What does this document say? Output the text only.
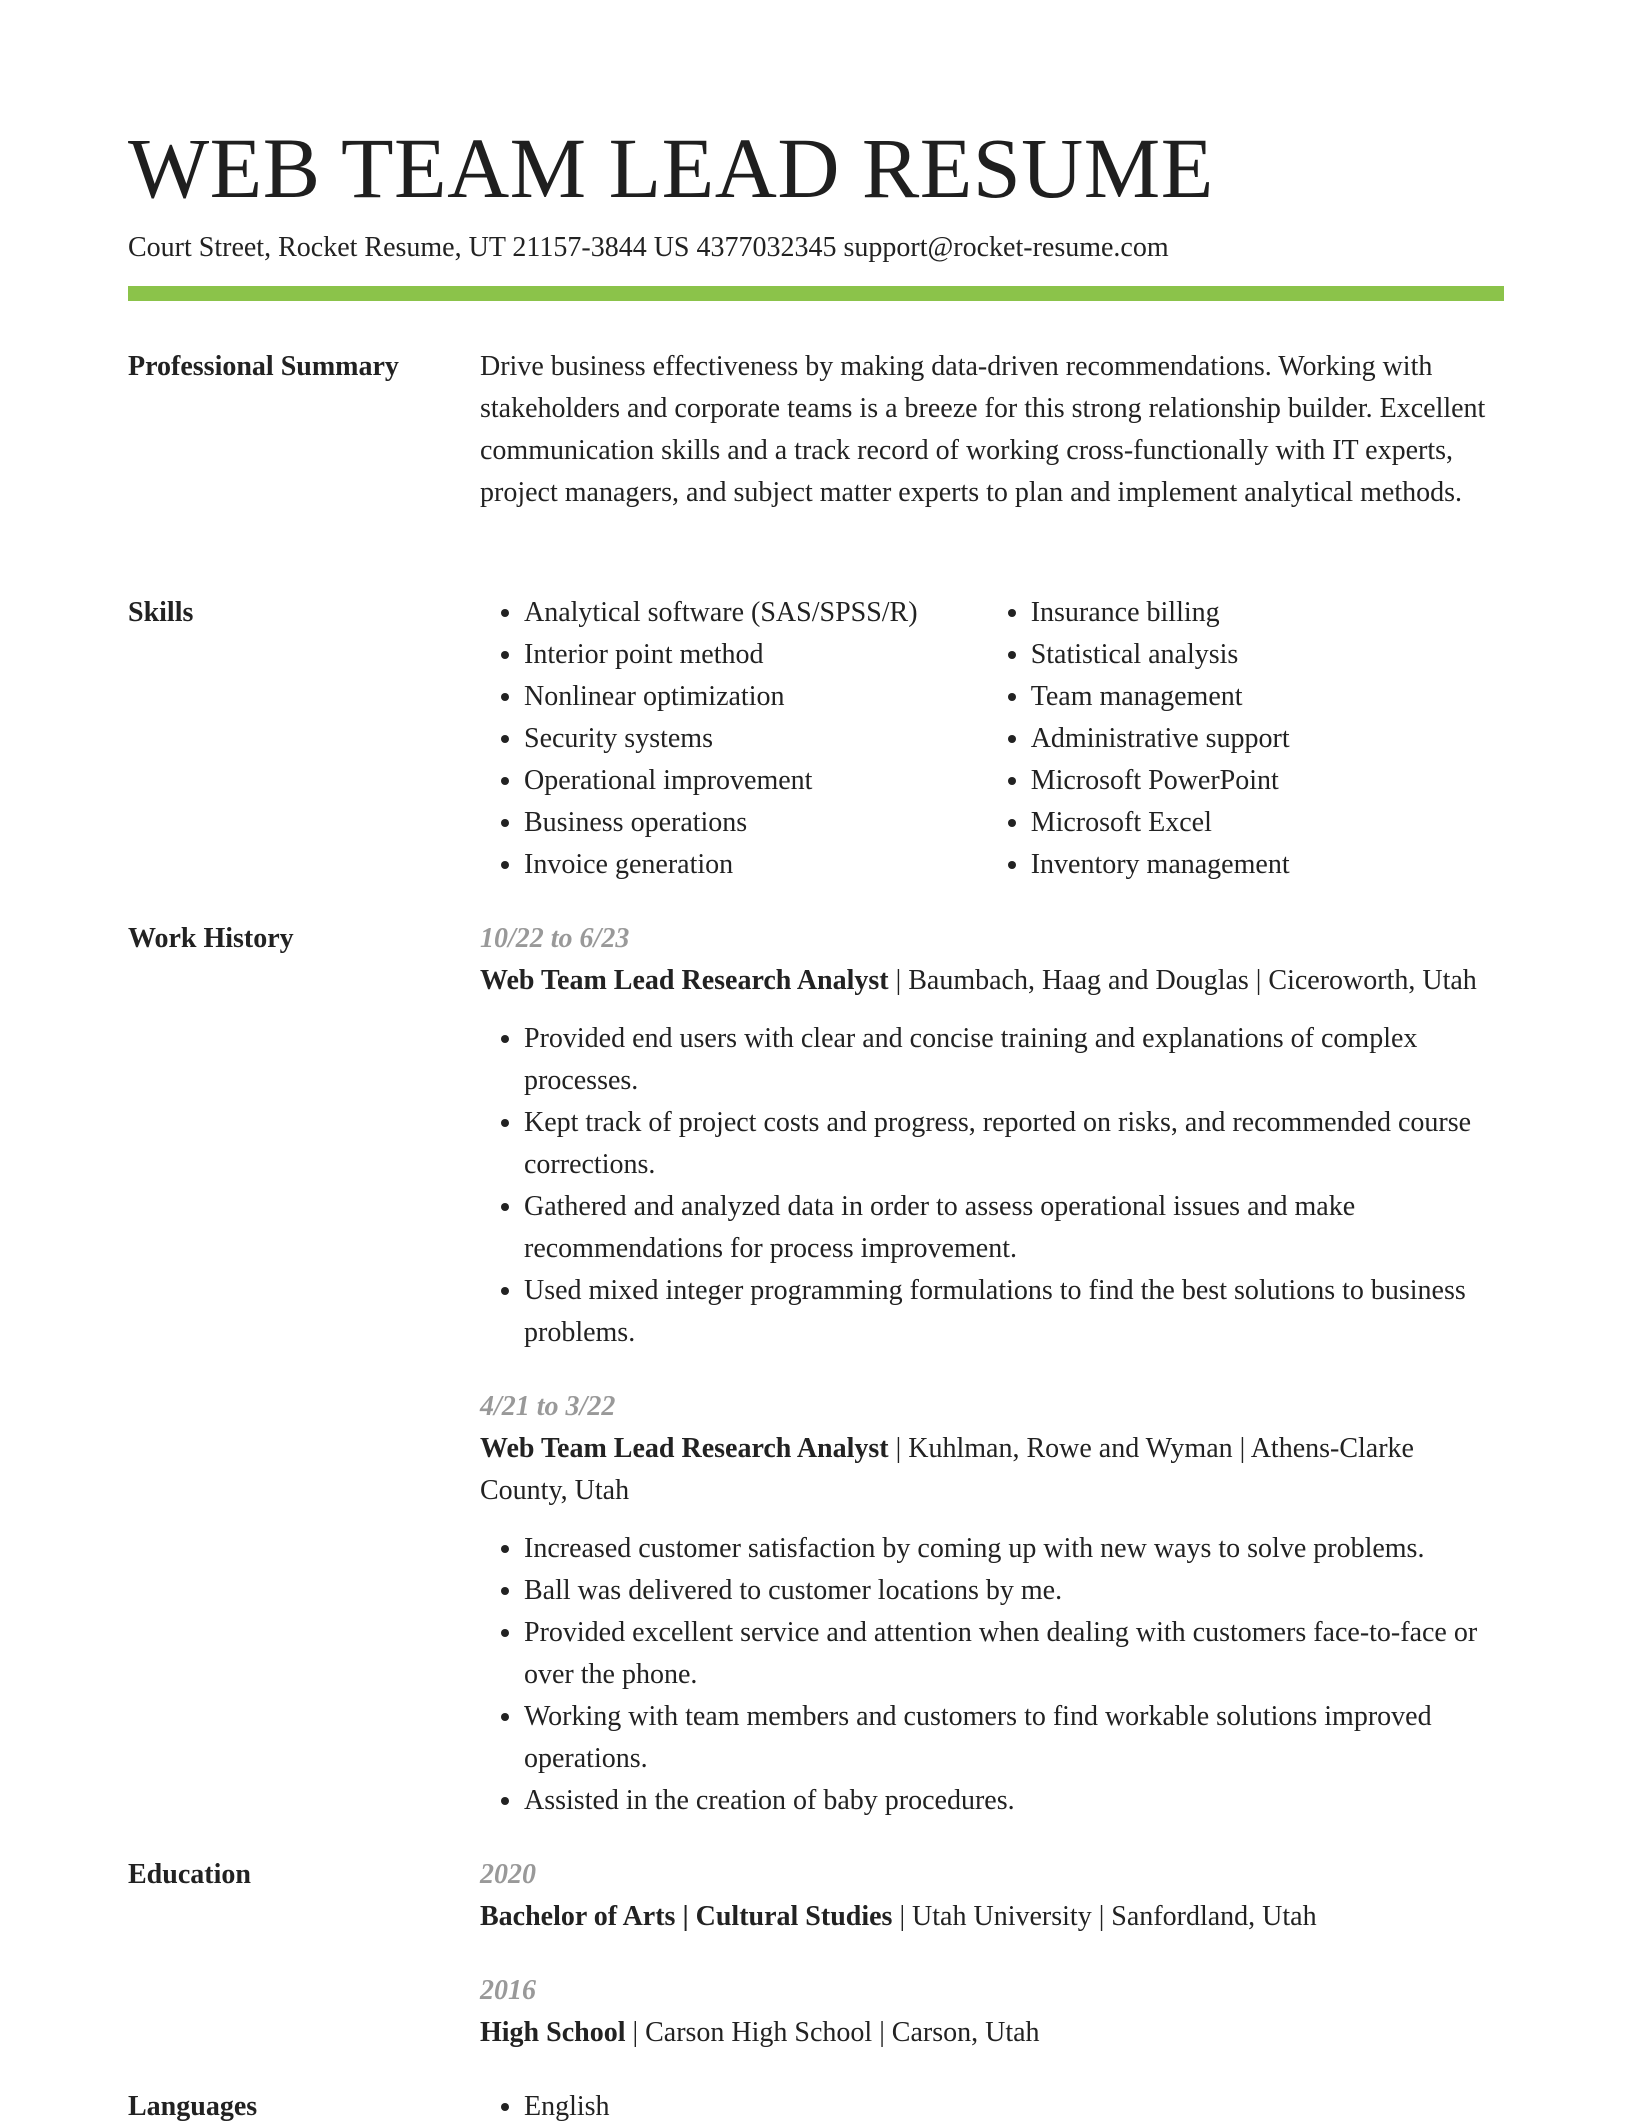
WEB TEAM LEAD RESUME
Court Street, Rocket Resume, UT 21157-3844 US 4377032345 support@rocket-resume.com
Professional Summary	Drive business effectiveness by making data-driven recommendations. Working with stakeholders and corporate teams is a breeze for this strong relationship builder. Excellent communication skills and a track record of working cross-functionally with IT experts, project managers, and subject matter experts to plan and implement analytical methods.

Skills	• Analytical software (SAS/SPSS/R)
• Interior point method
• Nonlinear optimization
• Security systems
• Operational improvement
• Business operations
• Invoice generation
• Insurance billing
• Statistical analysis
• Team management
• Administrative support
• Microsoft PowerPoint
• Microsoft Excel
• Inventory management
Work History	10/22 to 6/23
Web Team Lead Research Analyst | Baumbach, Haag and Douglas | Ciceroworth, Utah
• Provided end users with clear and concise training and explanations of complex processes.
• Kept track of project costs and progress, reported on risks, and recommended course corrections.
• Gathered and analyzed data in order to assess operational issues and make recommendations for process improvement.
• Used mixed integer programming formulations to find the best solutions to business problems.
4/21 to 3/22
Web Team Lead Research Analyst | Kuhlman, Rowe and Wyman | Athens-Clarke County, Utah
• Increased customer satisfaction by coming up with new ways to solve problems.
• Ball was delivered to customer locations by me.
• Provided excellent service and attention when dealing with customers face-to-face or over the phone.
• Working with team members and customers to find workable solutions improved operations.
• Assisted in the creation of baby procedures.
Education	2020
Bachelor of Arts | Cultural Studies | Utah University | Sanfordland, Utah
2016
High School | Carson High School | Carson, Utah
Languages	• English
